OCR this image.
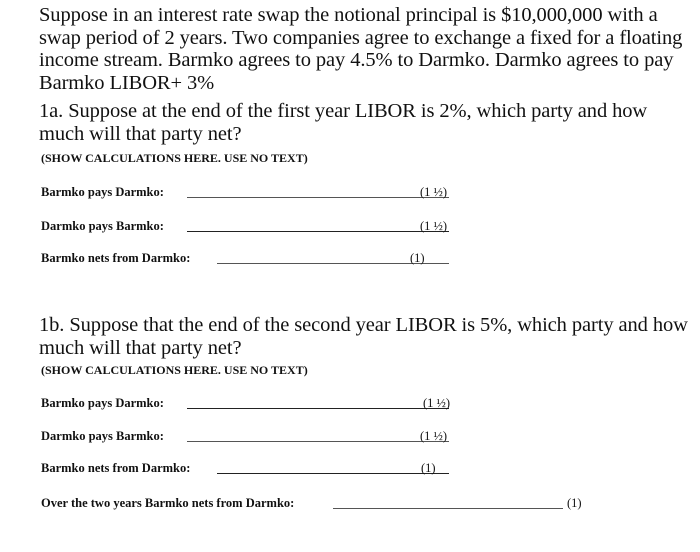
Suppose in an interest rate swap the notional principal is $10,000,000 with a swap period of 2 years. Two companies agree to exchange a fixed for a floating income stream. Barmko agrees to pay 4.5% to Darmko. Darmko agrees to pay Barmko LIBOR+ 3%

1a. Suppose at the end of the first year LIBOR is 2%, which party and how much will that party net?

(SHOW CALCULATIONS HERE. USE NO TEXT)
Barmko pays Darmko:	(1 ½)
Darmko pays Barmko:	(1 ½)
Barmko nets from Darmko:	(1)

1b. Suppose that the end of the second year LIBOR is 5%, which party and how much will that party net?

(SHOW CALCULATIONS HERE. USE NO TEXT)
Barmko pays Darmko:	(1 ½)
Darmko pays Barmko:	(1 ½)
Barmko nets from Darmko:	(1)
Over the two years Barmko nets from Darmko:	(1)
